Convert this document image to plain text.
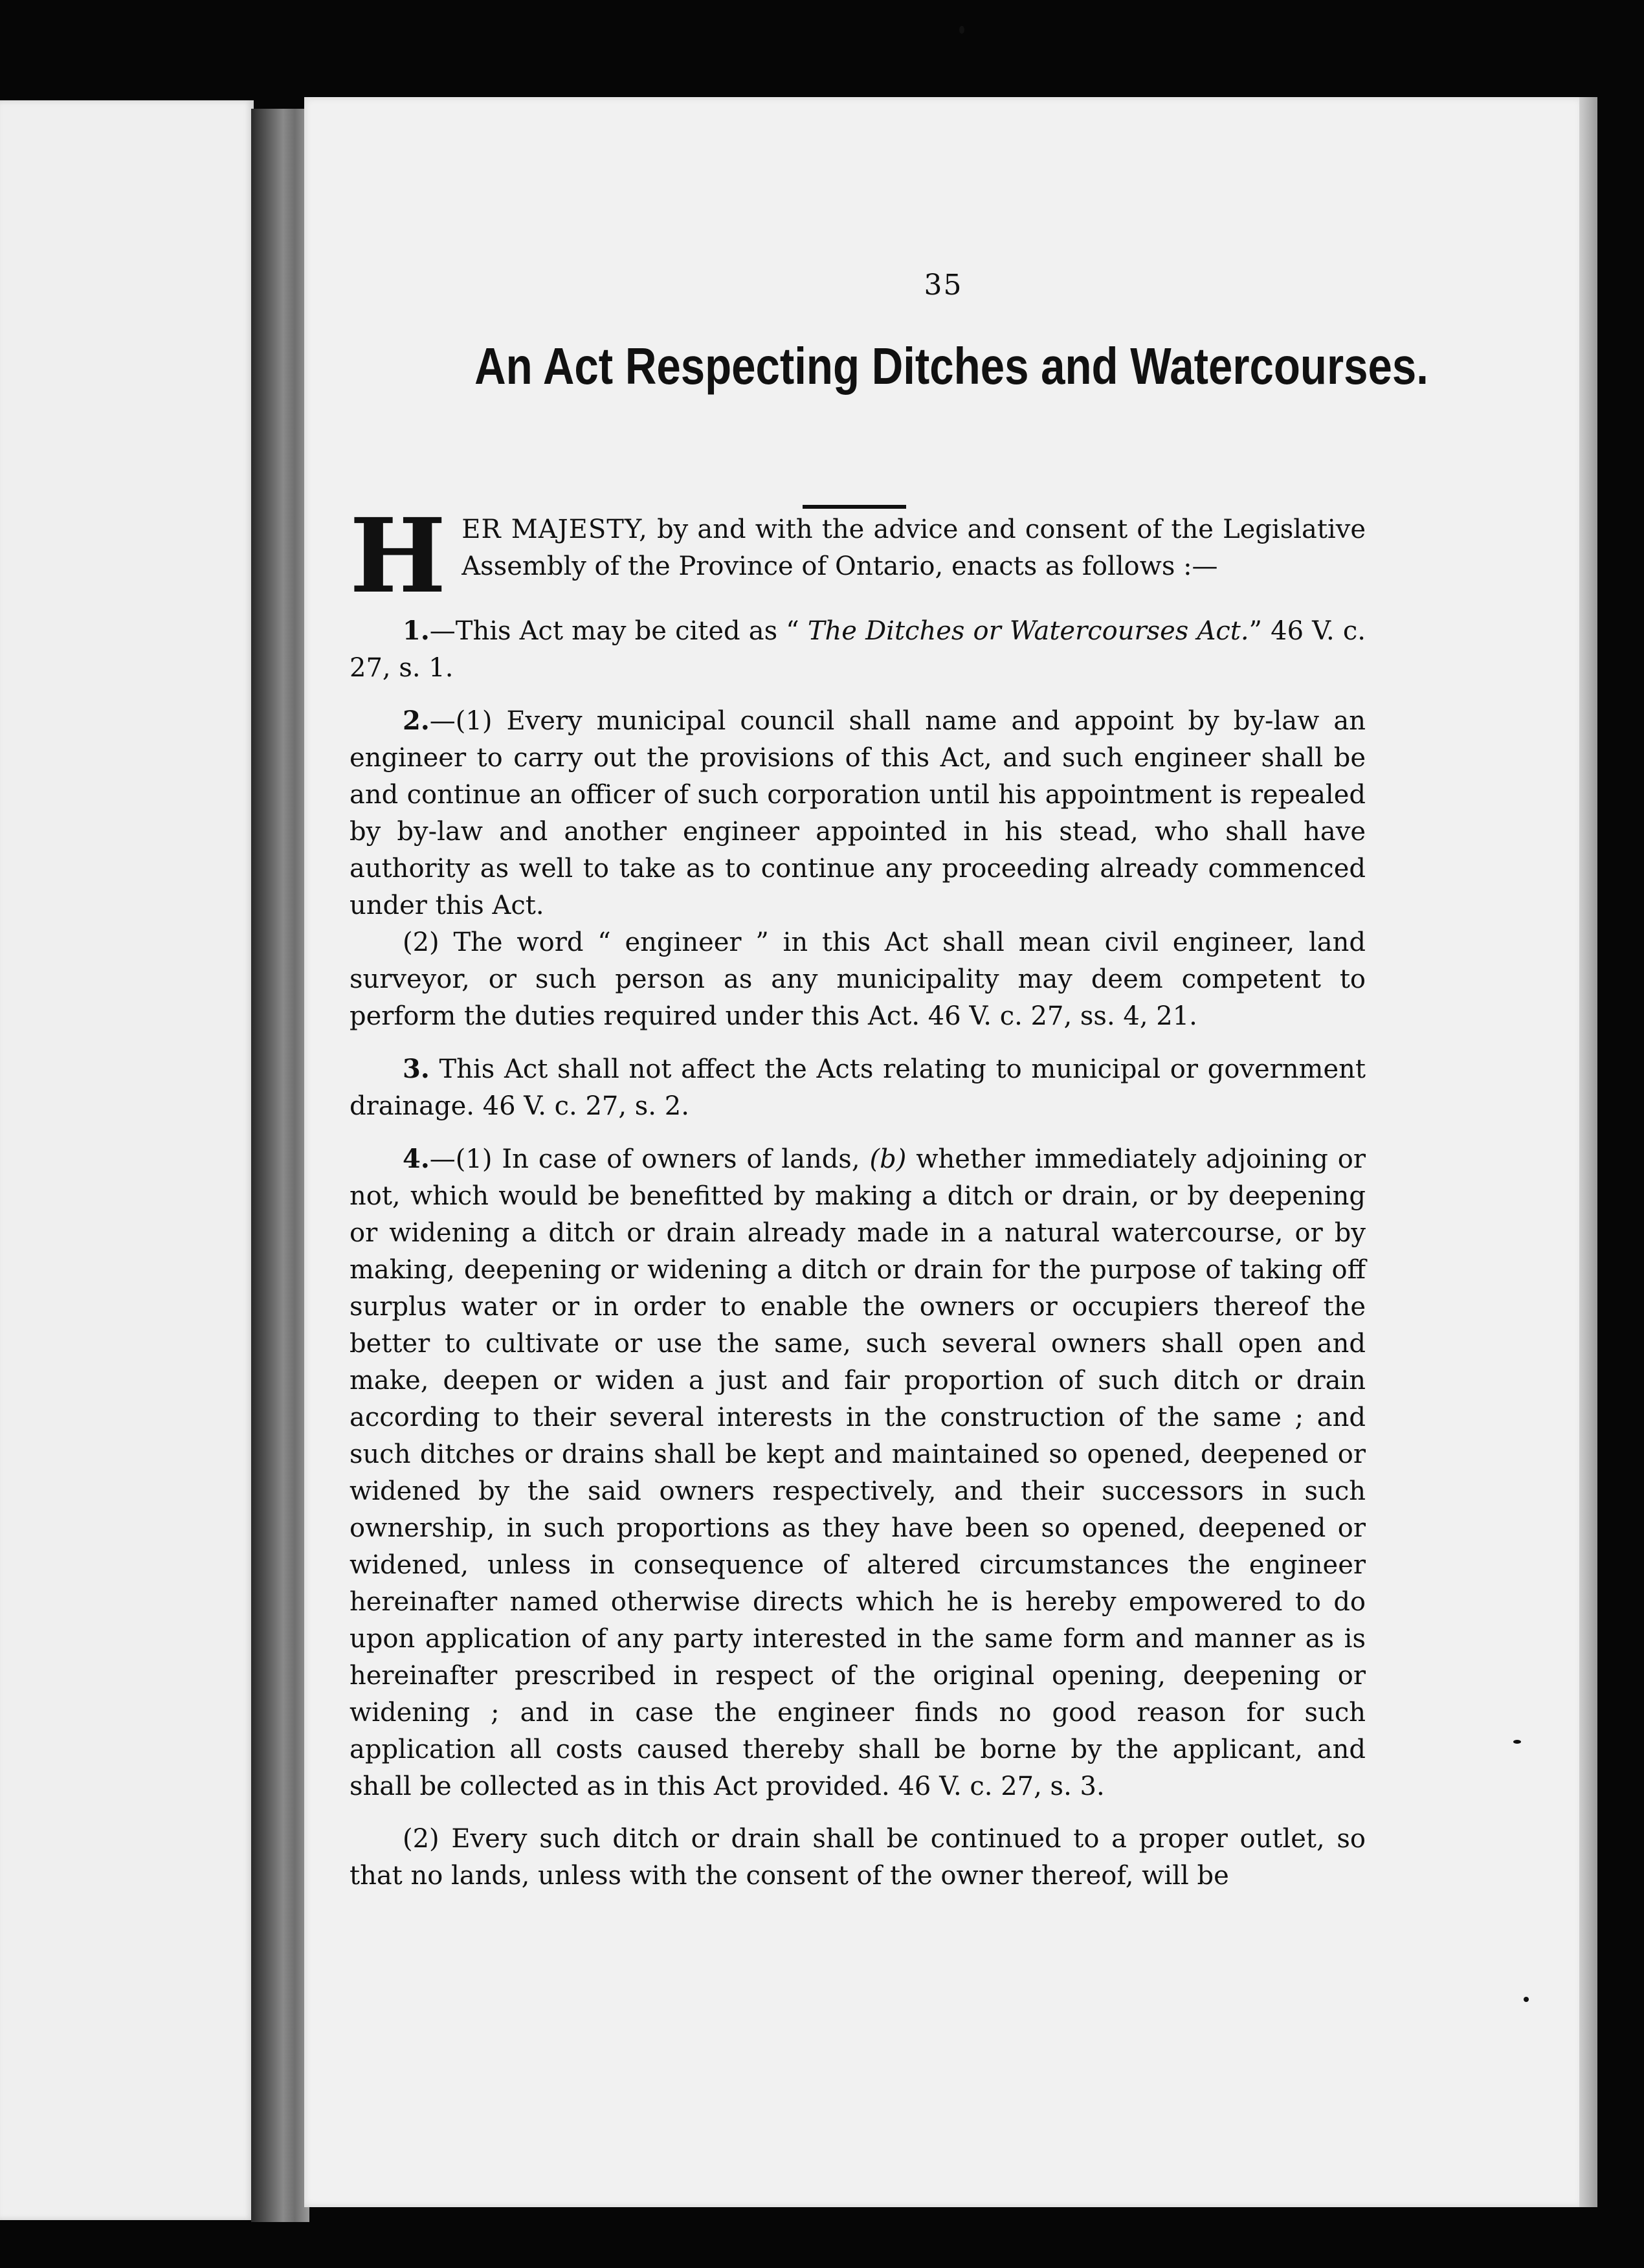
35
An Act Respecting Ditches and Watercourses.
H ER MAJESTY, by and with the advice and consent of the Legislative Assembly of the Province of Ontario, enacts as follows :—

1.—This Act may be cited as “ The Ditches or Watercourses Act.” 46 V. c. 27, s. 1.

2.—(1) Every municipal council shall name and appoint by by-law an engineer to carry out the provisions of this Act, and such engineer shall be and continue an officer of such corporation until his appointment is repealed by by-law and another engineer appointed in his stead, who shall have authority as well to take as to continue any proceeding already commenced under this Act.

(2) The word “ engineer ” in this Act shall mean civil engineer, land surveyor, or such person as any municipality may deem competent to perform the duties required under this Act. 46 V. c. 27, ss. 4, 21.

3. This Act shall not affect the Acts relating to municipal or government drainage. 46 V. c. 27, s. 2.

4.—(1) In case of owners of lands, (b) whether immediately adjoining or not, which would be benefitted by making a ditch or drain, or by deepening or widening a ditch or drain already made in a natural watercourse, or by making, deepening or widening a ditch or drain for the purpose of taking off surplus water or in order to enable the owners or occupiers thereof the better to cultivate or use the same, such several owners shall open and make, deepen or widen a just and fair proportion of such ditch or drain according to their several interests in the construction of the same ; and such ditches or drains shall be kept and maintained so opened, deepened or widened by the said owners respectively, and their successors in such ownership, in such proportions as they have been so opened, deepened or widened, unless in consequence of altered circumstances the engineer hereinafter named otherwise directs which he is hereby empowered to do upon application of any party interested in the same form and manner as is hereinafter prescribed in respect of the original opening, deepening or widening ; and in case the engineer finds no good reason for such application all costs caused thereby shall be borne by the applicant, and shall be collected as in this Act provided. 46 V. c. 27, s. 3.

(2) Every such ditch or drain shall be continued to a proper outlet, so that no lands, unless with the consent of the owner thereof, will be
